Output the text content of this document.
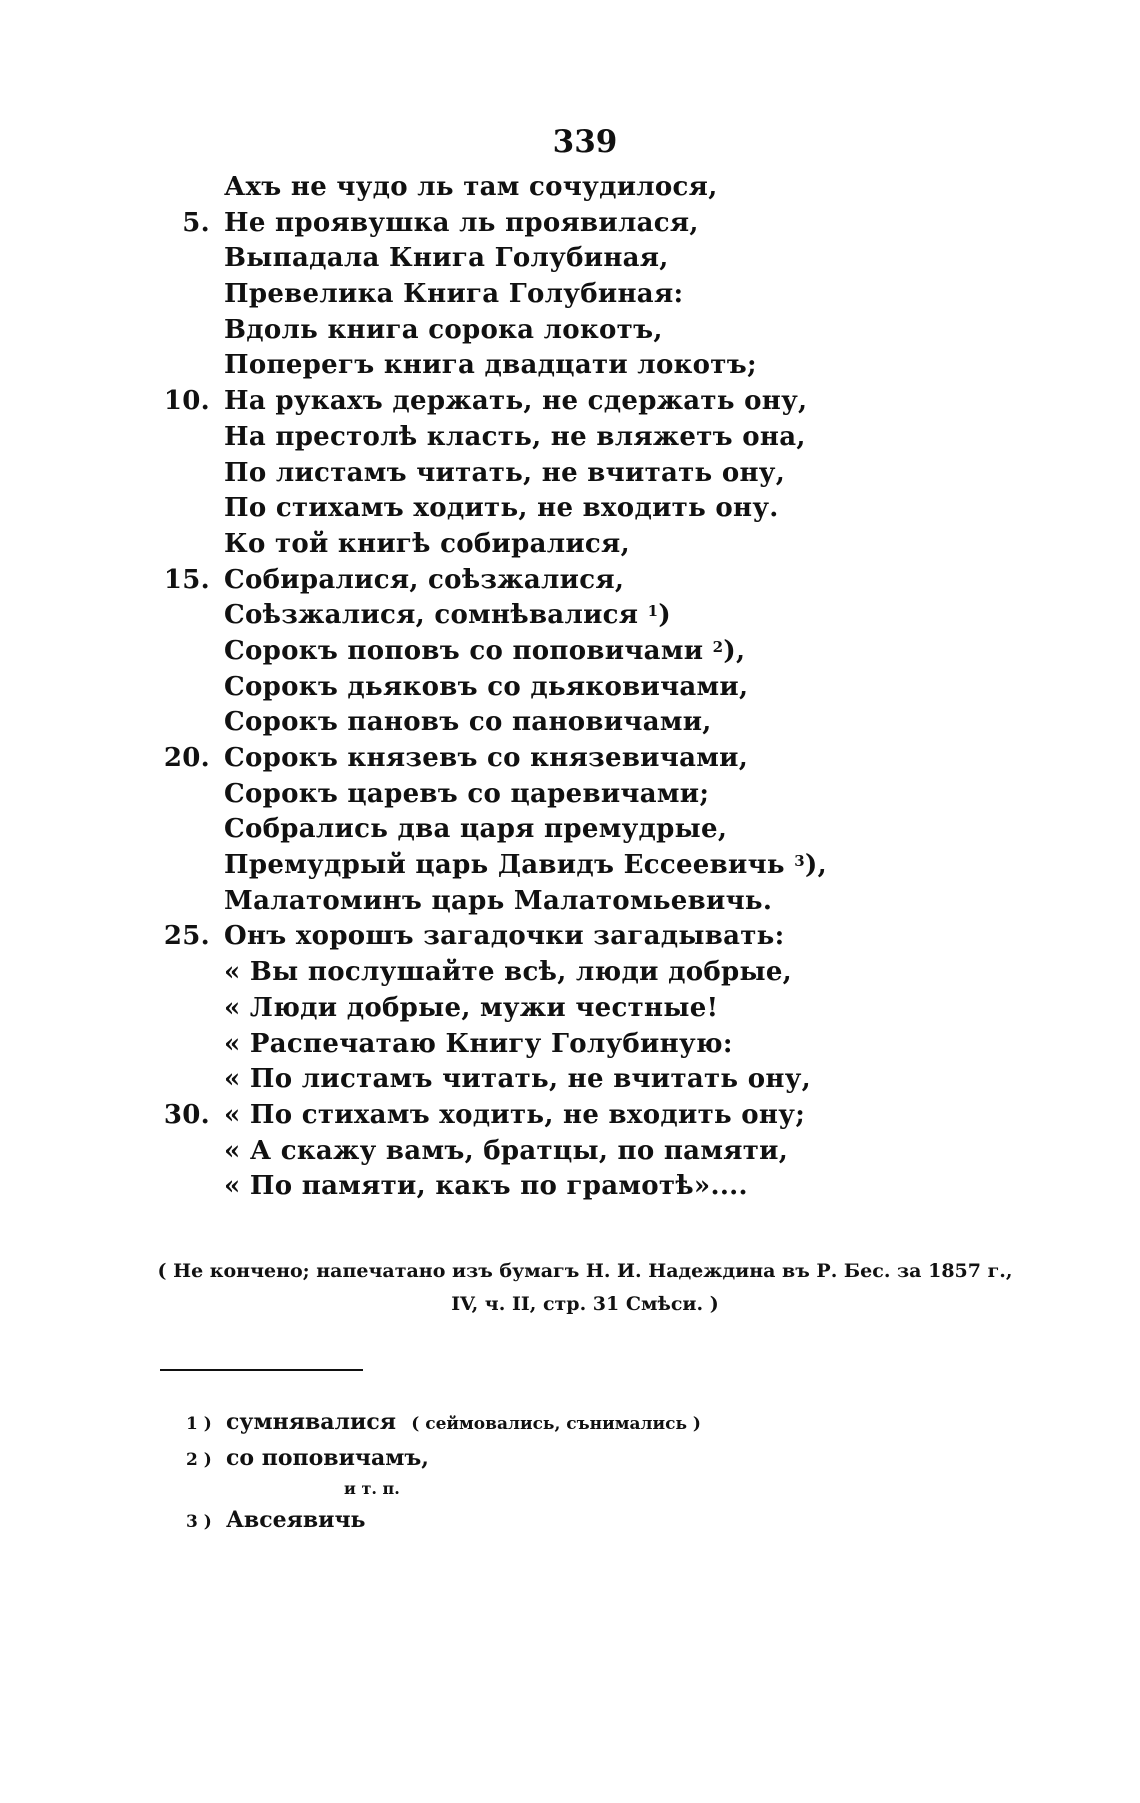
339
Ахъ не чудо ль там сочудилося,
5. Не проявушка ль проявилася,
Выпадала Книга Голубиная,
Превелика Книга Голубиная:
Вдоль книга сорока локотъ,
Поперегъ книга двадцати локотъ;
10. На рукахъ держать, не сдержать ону,
На престолѣ класть, не вляжетъ она,
По листамъ читать, не вчитать ону,
По стихамъ ходить, не входить ону.
Ко той книгѣ собиралися,
15. Собиралися, соѣзжалися,
Соѣзжалися, сомнѣвалися $^1$)
Сорокъ поповъ со поповичами $^2$),
Сорокъ дьяковъ со дьяковичами,
Сорокъ пановъ со пановичами,
20. Сорокъ князевъ со князевичами,
Сорокъ царевъ со царевичами;
Собрались два царя премудрые,
Премудрый царь Давидъ Ессеевичь $^3$),
Малатоминъ царь Малатомьевичь.
25. Онъ хорошъ загадочки загадывать:
« Вы послушайте всѣ, люди добрые,
« Люди добрые, мужи честные!
« Распечатаю Книгу Голубиную:
« По листамъ читать, не вчитать ону,
30. « По стихамъ ходить, не входить ону;
« А скажу вамъ, братцы, по памяти,
« По памяти, какъ по грамотѣ»....
( Не кончено; напечатано изъ бумагъ Н. И. Надеждина въ Р. Бес. за 1857 г.,
IV, ч. II, стр. 31 Смѣси. )
1 ) сумнявалися ( сеймовались, сънимались )
2 ) со поповичамъ,
и т. п.
3 ) Авсеявичь
